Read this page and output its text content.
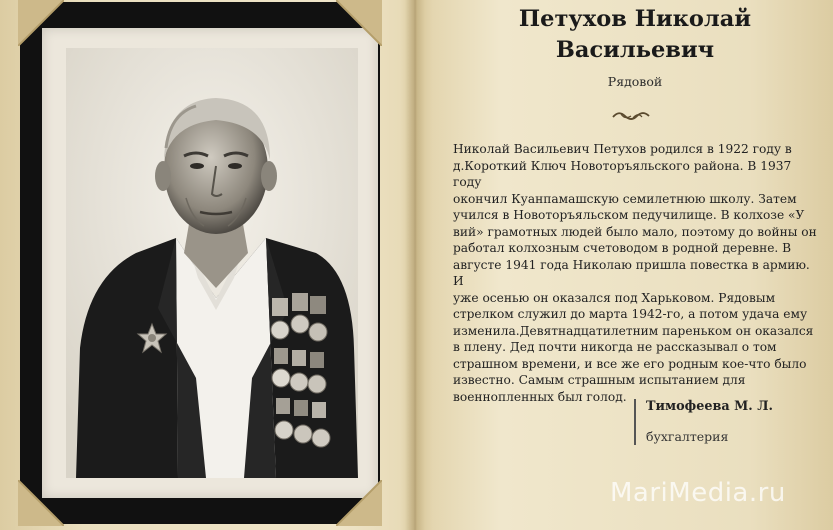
Петухов Николай Васильевич
Рядовой
Николай Васильевич Петухов родился в 1922 году в
д.Короткий Ключ Новоторъяльского района. В 1937 году
окончил Куанпамашскую семилетнюю школу. Затем
учился в Новоторъяльском педучилище. В колхозе «У
вий» грамотных людей было мало, поэтому до войны он
работал колхозным счетоводом в родной деревне. В
августе 1941 года Николаю пришла повестка в армию. И
уже осенью он оказался под Харьковом. Рядовым
стрелком служил до марта 1942-го, а потом удача ему
изменила.Девятнадцатилетним пареньком он оказался
в плену. Дед почти никогда не рассказывал о том
страшном времени, и все же его родным кое-что было
известно. Самым страшным испытанием для
военнопленных был голод.
Тимофеева М. Л.
бухгалтерия
MariMedia.ru
